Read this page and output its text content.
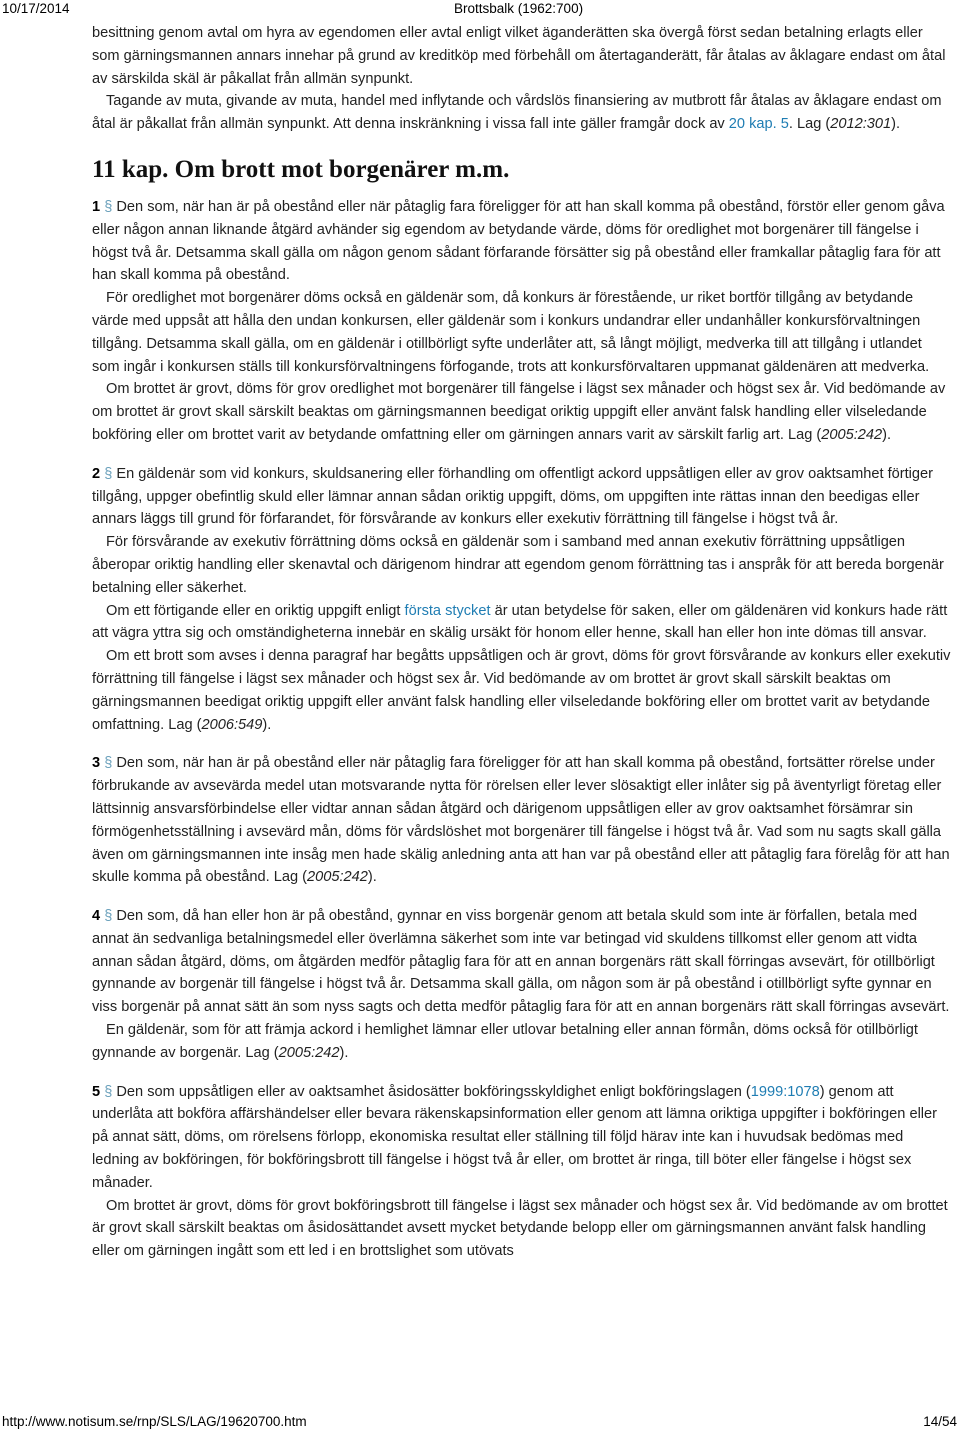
10/17/2014	Brottsbalk (1962:700)

besittning genom avtal om hyra av egendomen eller avtal enligt vilket äganderätten ska övergå först sedan betalning erlagts eller som gärningsmannen annars innehar på grund av kreditköp med förbehåll om återtaganderätt, får åtalas av åklagare endast om åtal av särskilda skäl är påkallat från allmän synpunkt.

Tagande av muta, givande av muta, handel med inflytande och vårdslös finansiering av mutbrott får åtalas av åklagare endast om åtal är påkallat från allmän synpunkt. Att denna inskränkning i vissa fall inte gäller framgår dock av 20 kap. 5. Lag (2012:301).

11 kap. Om brott mot borgenärer m.m.

1 § Den som, när han är på obestånd eller när påtaglig fara föreligger för att han skall komma på obestånd, förstör eller genom gåva eller någon annan liknande åtgärd avhänder sig egendom av betydande värde, döms för oredlighet mot borgenärer till fängelse i högst två år. Detsamma skall gälla om någon genom sådant förfarande försätter sig på obestånd eller framkallar påtaglig fara för att han skall komma på obestånd.

För oredlighet mot borgenärer döms också en gäldenär som, då konkurs är förestående, ur riket bortför tillgång av betydande värde med uppsåt att hålla den undan konkursen, eller gäldenär som i konkurs undandrar eller undanhåller konkursförvaltningen tillgång. Detsamma skall gälla, om en gäldenär i otillbörligt syfte underlåter att, så långt möjligt, medverka till att tillgång i utlandet som ingår i konkursen ställs till konkursförvaltningens förfogande, trots att konkursförvaltaren uppmanat gäldenären att medverka.

Om brottet är grovt, döms för grov oredlighet mot borgenärer till fängelse i lägst sex månader och högst sex år. Vid bedömande av om brottet är grovt skall särskilt beaktas om gärningsmannen beedigat oriktig uppgift eller använt falsk handling eller vilseledande bokföring eller om brottet varit av betydande omfattning eller om gärningen annars varit av särskilt farlig art. Lag (2005:242).

2 § En gäldenär som vid konkurs, skuldsanering eller förhandling om offentligt ackord uppsåtligen eller av grov oaktsamhet förtiger tillgång, uppger obefintlig skuld eller lämnar annan sådan oriktig uppgift, döms, om uppgiften inte rättas innan den beedigas eller annars läggs till grund för förfarandet, för försvårande av konkurs eller exekutiv förrättning till fängelse i högst två år.

För försvårande av exekutiv förrättning döms också en gäldenär som i samband med annan exekutiv förrättning uppsåtligen åberopar oriktig handling eller skenavtal och därigenom hindrar att egendom genom förrättning tas i anspråk för att bereda borgenär betalning eller säkerhet.

Om ett förtigande eller en oriktig uppgift enligt första stycket är utan betydelse för saken, eller om gäldenären vid konkurs hade rätt att vägra yttra sig och omständigheterna innebär en skälig ursäkt för honom eller henne, skall han eller hon inte dömas till ansvar.

Om ett brott som avses i denna paragraf har begåtts uppsåtligen och är grovt, döms för grovt försvårande av konkurs eller exekutiv förrättning till fängelse i lägst sex månader och högst sex år. Vid bedömande av om brottet är grovt skall särskilt beaktas om gärningsmannen beedigat oriktig uppgift eller använt falsk handling eller vilseledande bokföring eller om brottet varit av betydande omfattning. Lag (2006:549).

3 § Den som, när han är på obestånd eller när påtaglig fara föreligger för att han skall komma på obestånd, fortsätter rörelse under förbrukande av avsevärda medel utan motsvarande nytta för rörelsen eller lever slösaktigt eller inlåter sig på äventyrligt företag eller lättsinnig ansvarsförbindelse eller vidtar annan sådan åtgärd och därigenom uppsåtligen eller av grov oaktsamhet försämrar sin förmögenhetsställning i avsevärd mån, döms för vårdslöshet mot borgenärer till fängelse i högst två år. Vad som nu sagts skall gälla även om gärningsmannen inte insåg men hade skälig anledning anta att han var på obestånd eller att påtaglig fara förelåg för att han skulle komma på obestånd. Lag (2005:242).

4 § Den som, då han eller hon är på obestånd, gynnar en viss borgenär genom att betala skuld som inte är förfallen, betala med annat än sedvanliga betalningsmedel eller överlämna säkerhet som inte var betingad vid skuldens tillkomst eller genom att vidta annan sådan åtgärd, döms, om åtgärden medför påtaglig fara för att en annan borgenärs rätt skall förringas avsevärt, för otillbörligt gynnande av borgenär till fängelse i högst två år. Detsamma skall gälla, om någon som är på obestånd i otillbörligt syfte gynnar en viss borgenär på annat sätt än som nyss sagts och detta medför påtaglig fara för att en annan borgenärs rätt skall förringas avsevärt.

En gäldenär, som för att främja ackord i hemlighet lämnar eller utlovar betalning eller annan förmån, döms också för otillbörligt gynnande av borgenär. Lag (2005:242).

5 § Den som uppsåtligen eller av oaktsamhet åsidosätter bokföringsskyldighet enligt bokföringslagen (1999:1078) genom att underlåta att bokföra affärshändelser eller bevara räkenskapsinformation eller genom att lämna oriktiga uppgifter i bokföringen eller på annat sätt, döms, om rörelsens förlopp, ekonomiska resultat eller ställning till följd härav inte kan i huvudsak bedömas med ledning av bokföringen, för bokföringsbrott till fängelse i högst två år eller, om brottet är ringa, till böter eller fängelse i högst sex månader.

Om brottet är grovt, döms för grovt bokföringsbrott till fängelse i lägst sex månader och högst sex år. Vid bedömande av om brottet är grovt skall särskilt beaktas om åsidosättandet avsett mycket betydande belopp eller om gärningsmannen använt falsk handling eller om gärningen ingått som ett led i en brottslighet som utövats

http://www.notisum.se/rnp/SLS/LAG/19620700.htm	14/54
